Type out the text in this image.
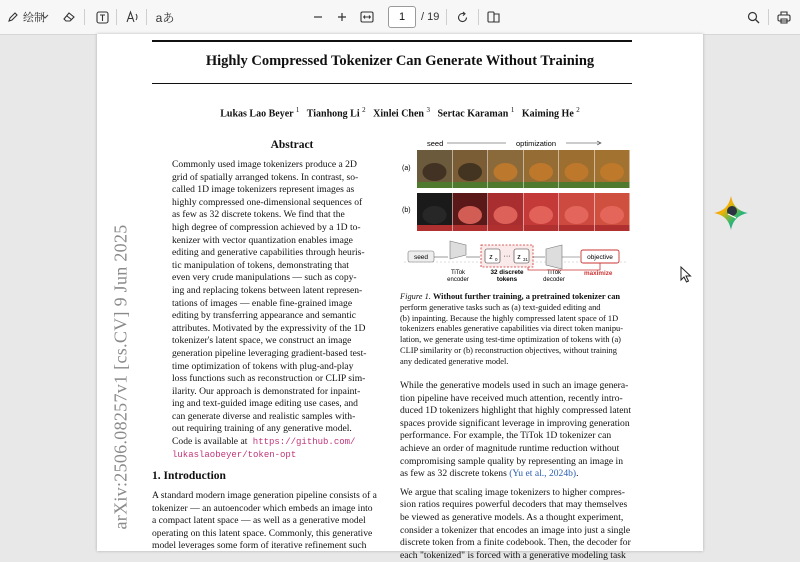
绘制	aあ	1	/ 19
Highly Compressed Tokenizer Can Generate Without Training
Lukas Lao Beyer $^1$ Tianhong Li $^2$ Xinlei Chen $^3$ Sertac Karaman $^1$ Kaiming He $^2$
arXiv:2506.08257v1 [cs.CV] 9 Jun 2025
Abstract
Commonly used image tokenizers produce a 2D
grid of spatially arranged tokens. In contrast, so-
called 1D image tokenizers represent images as
highly compressed one-dimensional sequences of
as few as 32 discrete tokens. We find that the
high degree of compression achieved by a 1D to-
kenizer with vector quantization enables image
editing and generative capabilities through heuris-
tic manipulation of tokens, demonstrating that
even very crude manipulations — such as copy-
ing and replacing tokens between latent represen-
tations of images — enable fine-grained image
editing by transferring appearance and semantic
attributes. Motivated by the expressivity of the 1D
tokenizer's latent space, we construct an image
generation pipeline leveraging gradient-based test-
time optimization of tokens with plug-and-play
loss functions such as reconstruction or CLIP sim-
ilarity. Our approach is demonstrated for inpaint-
ing and text-guided image editing use cases, and
can generate diverse and realistic samples with-
out requiring training of any generative model.
Code is available at https://github.com/
lukaslaobeyer/token-opt
1. Introduction
A standard modern image generation pipeline consists of a
tokenizer — an autoencoder which embeds an image into
a compact latent space — as well as a generative model
operating on this latent space. Commonly, this generative
model leverages some form of iterative refinement such
seed	optimization
(a)
(b)
seed
TiTok
encoder
z 0 ··· z 31
32 discrete
tokens
TiTok
decoder
objective
maximize
Figure 1. Without further training, a pretrained tokenizer can
perform generative tasks such as (a) text-guided editing and
(b) inpainting. Because the highly compressed latent space of 1D
tokenizers enables generative capabilities via direct token manipu-
lation, we generate using test-time optimization of tokens with (a)
CLIP similarity or (b) reconstruction objectives, without training
any dedicated generative model.
While the generative models used in such an image genera-
tion pipeline have received much attention, recently intro-
duced 1D tokenizers highlight that highly compressed latent
spaces provide significant leverage in improving generation
performance. For example, the TiTok 1D tokenizer can
achieve an order of magnitude runtime reduction without
compromising sample quality by representing an image in
as few as 32 discrete tokens (Yu et al., 2024b).
We argue that scaling image tokenizers to higher compres-
sion ratios requires powerful decoders that may themselves
be viewed as generative models. As a thought experiment,
consider a tokenizer that encodes an image into just a single
discrete token from a finite codebook. Then, the decoder for
each "tokenized" is forced with a generative modeling task
